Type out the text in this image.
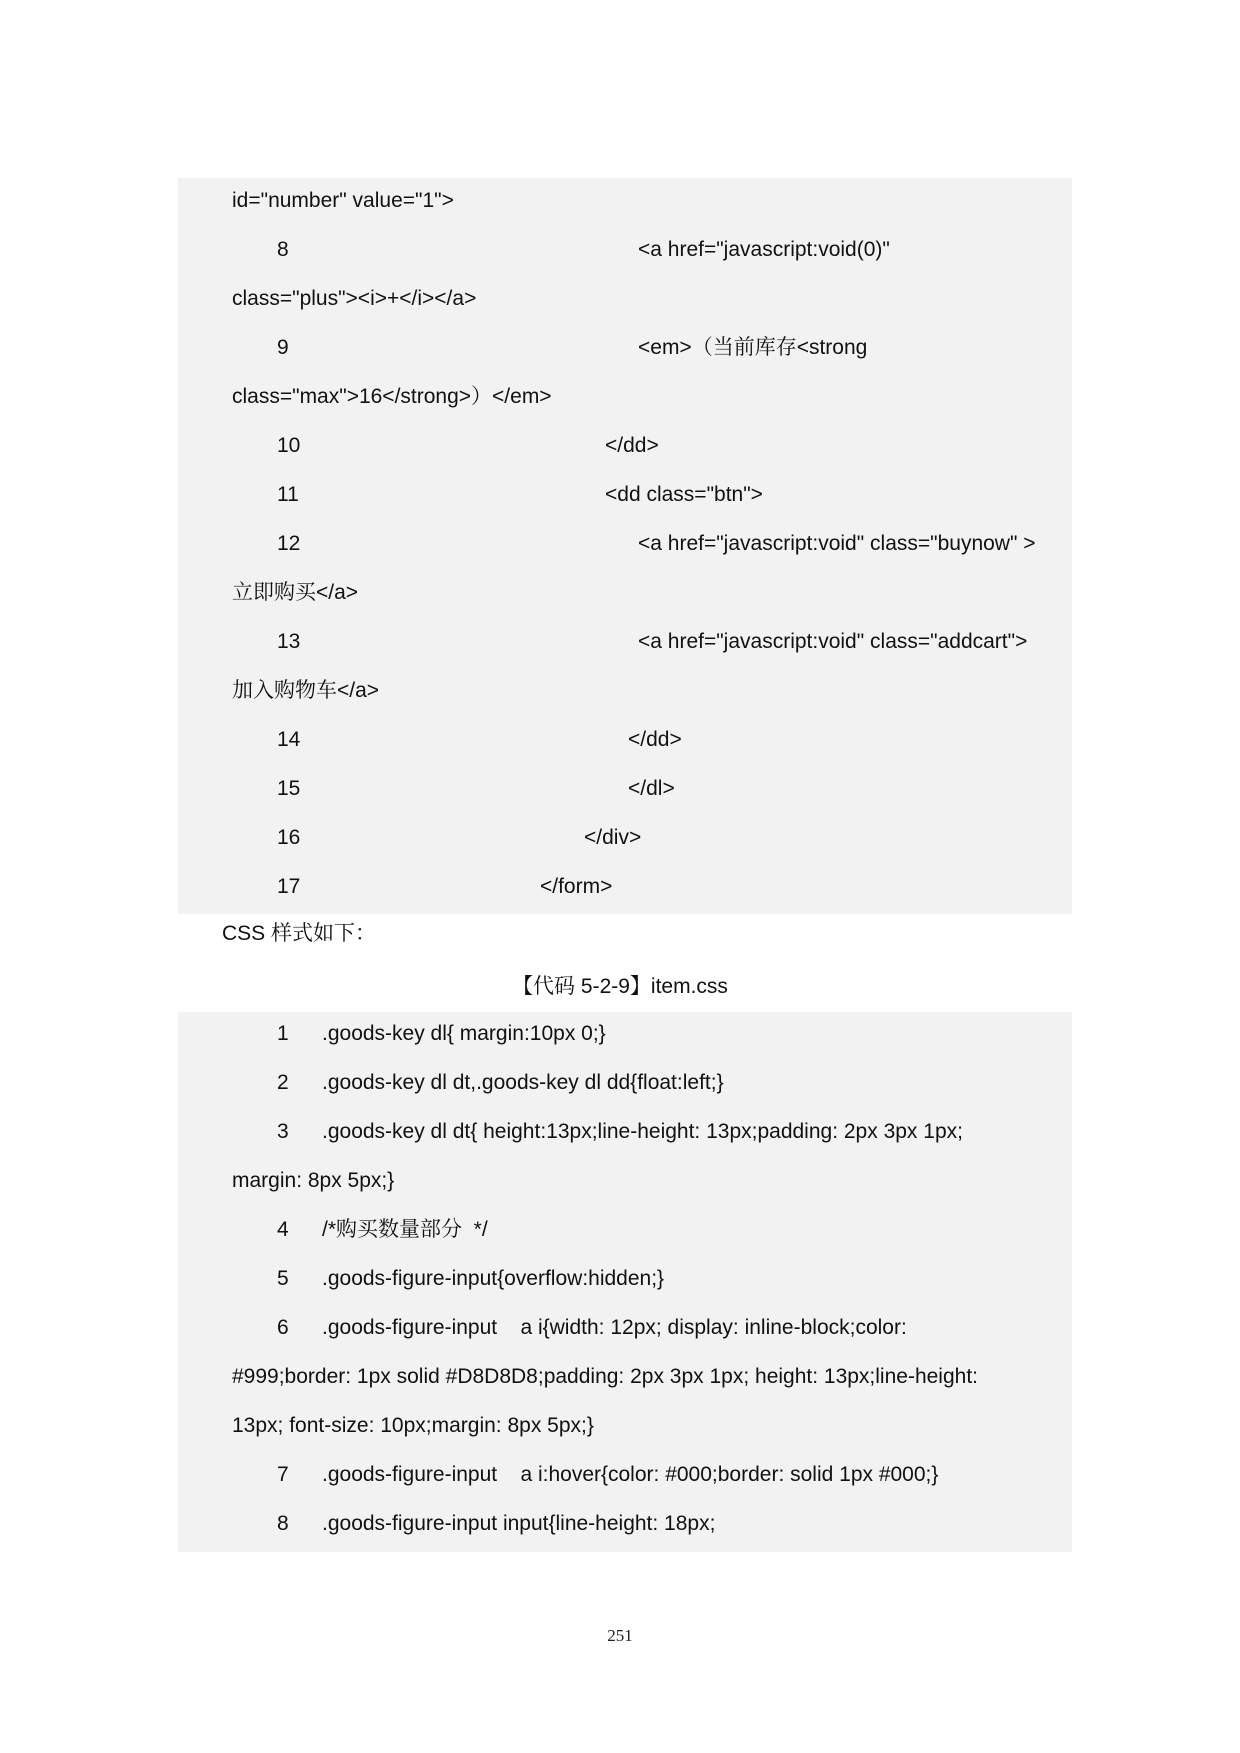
id="number" value="1">
8	<a href="javascript:void(0)"
class="plus"><i>+</i></a>
9	<em>（当前库存<strong
class="max">16</strong>）</em>
10	</dd>
11	<dd class="btn">
12	<a href="javascript:void" class="buynow" >
立即购买</a>
13	<a href="javascript:void" class="addcart">
加入购物车</a>
14	</dd>
15	</dl>
16	</div>
17	</form>
CSS 样式如下：
【代码 5-2-9】item.css
1 .goods-key dl{ margin:10px 0;}
2 .goods-key dl dt,.goods-key dl dd{float:left;}
3 .goods-key dl dt{ height:13px;line-height: 13px;padding: 2px 3px 1px;
margin: 8px 5px;}
4 /*购买数量部分  */
5 .goods-figure-input{overflow:hidden;}
6 .goods-figure-input    a i{width: 12px; display: inline-block;color:
#999;border: 1px solid #D8D8D8;padding: 2px 3px 1px; height: 13px;line-height:
13px; font-size: 10px;margin: 8px 5px;}
7 .goods-figure-input    a i:hover{color: #000;border: solid 1px #000;}
8 .goods-figure-input input{line-height: 18px;
251
